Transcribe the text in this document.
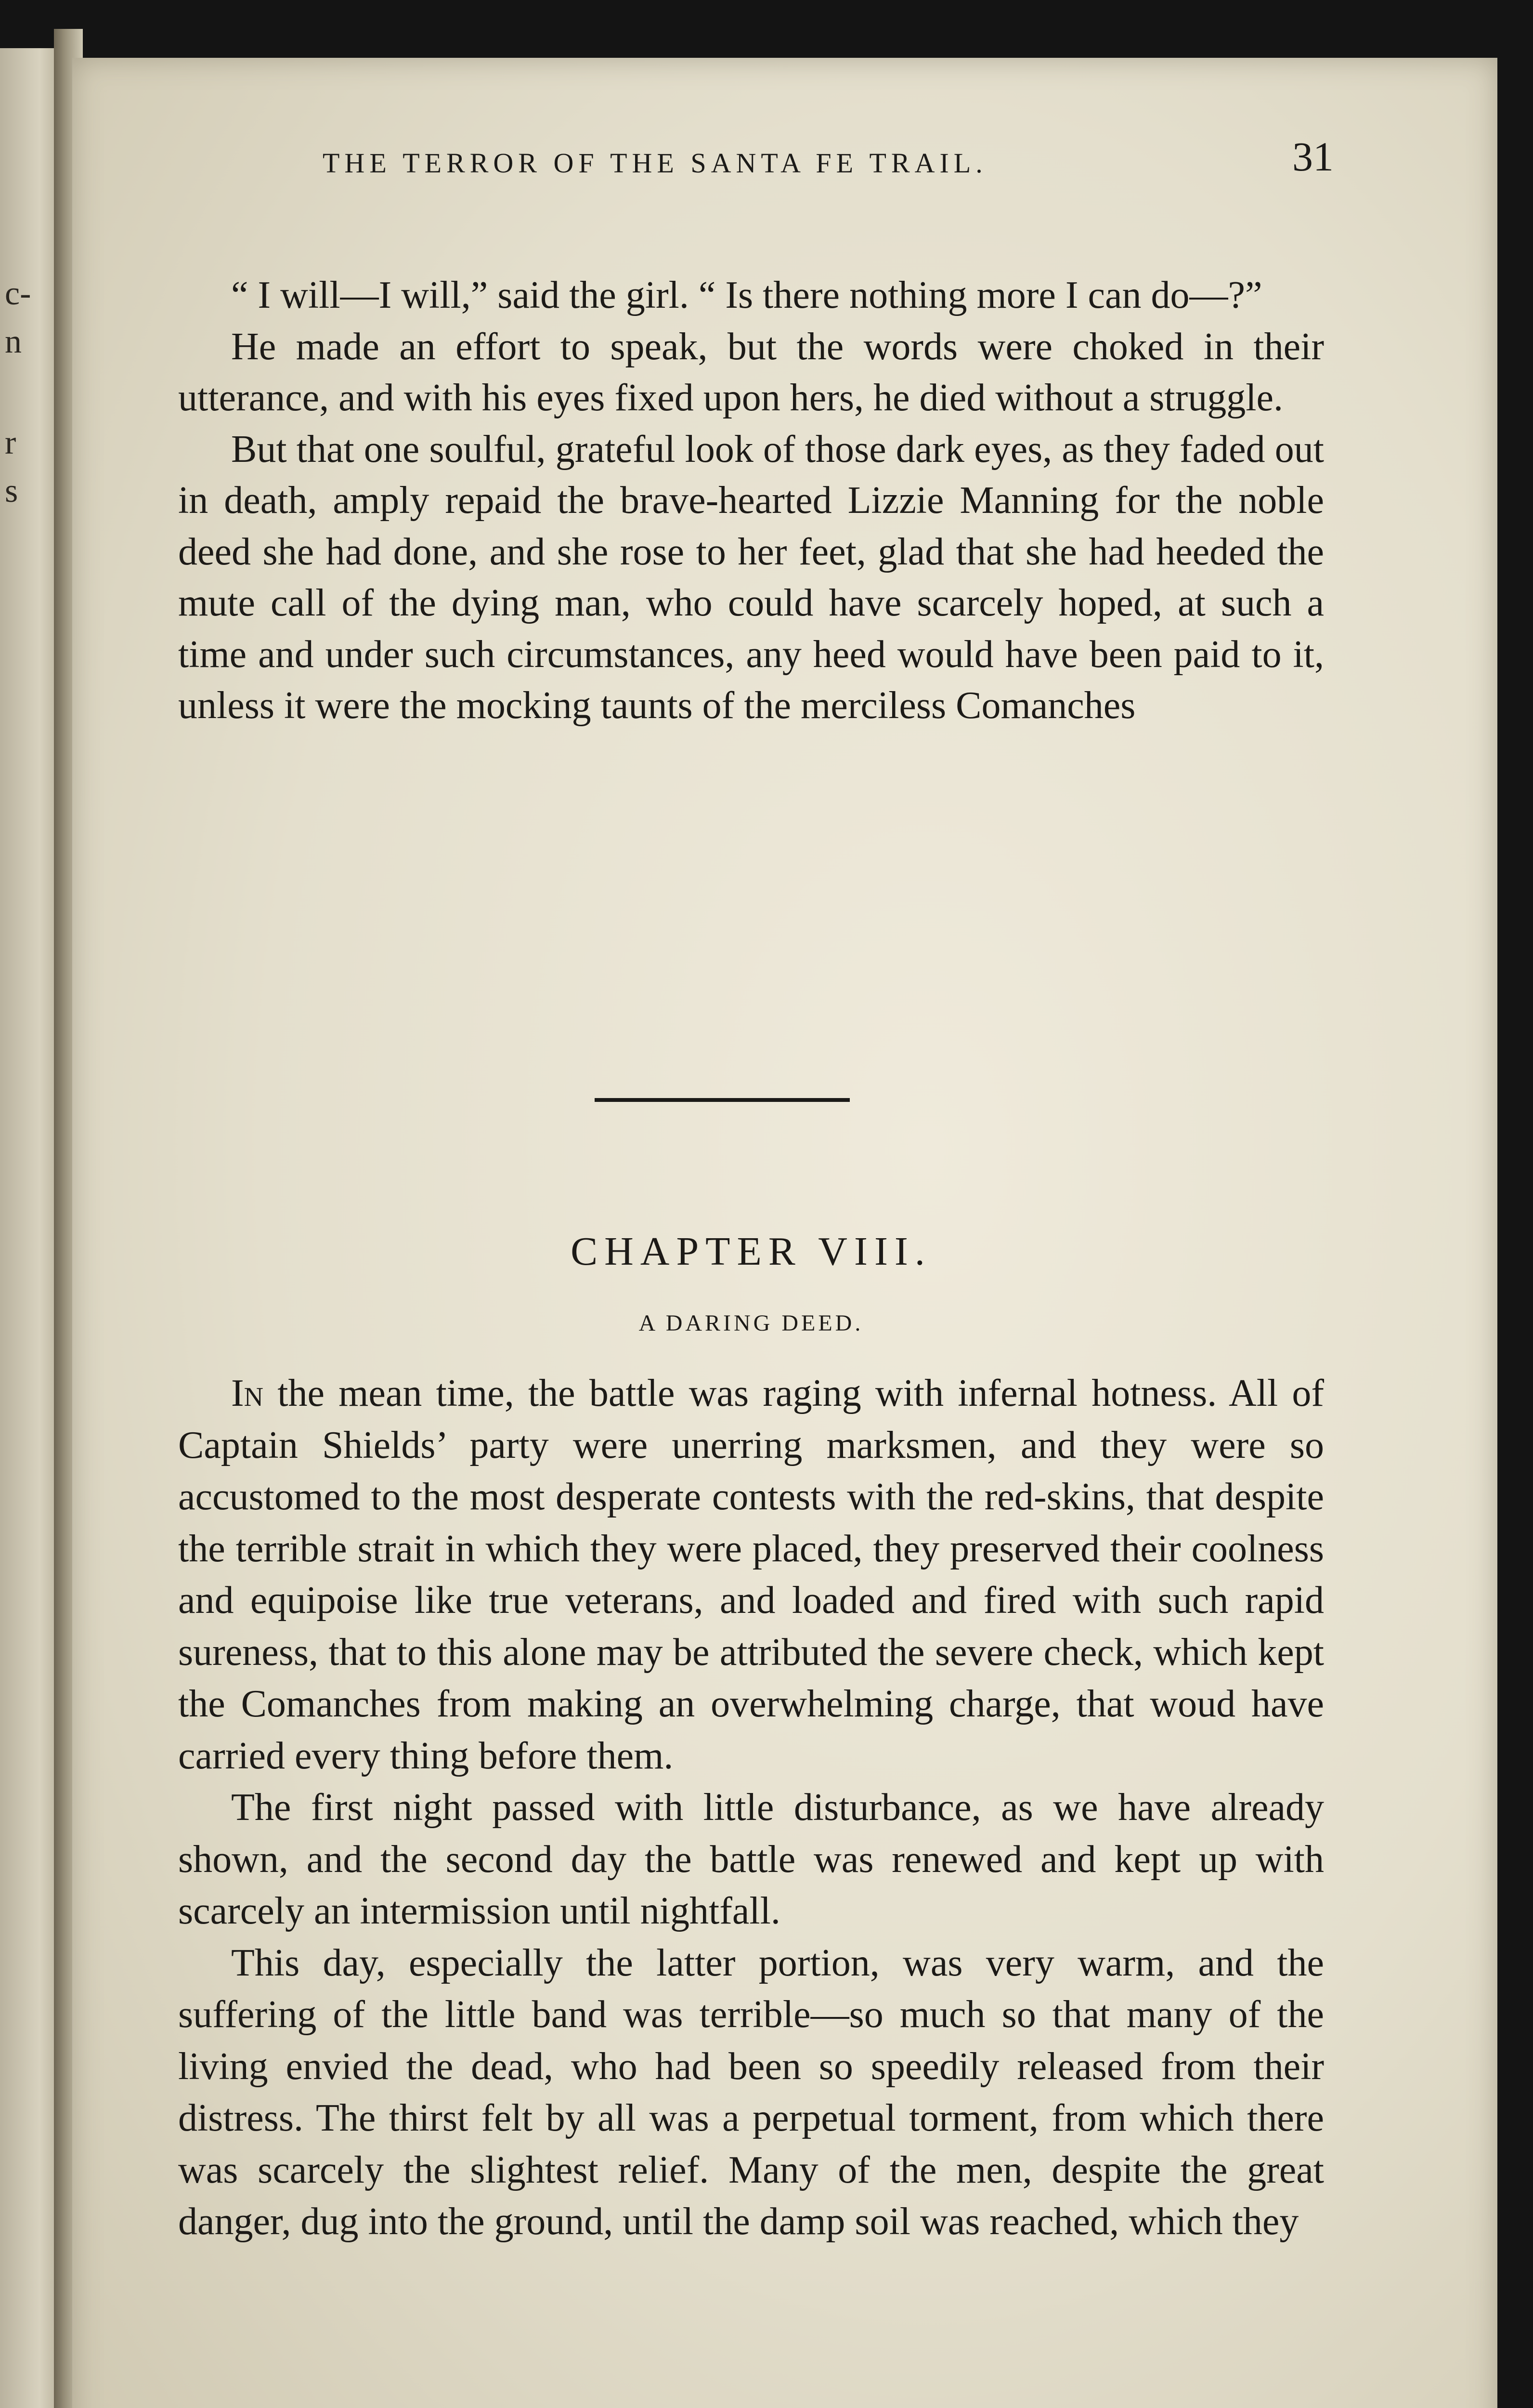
c-
n
r
s
THE TERROR OF THE SANTA FE TRAIL.	31

“ I will—I will,” said the girl. “ Is there nothing more I can do—?”

He made an effort to speak, but the words were choked in their utterance, and with his eyes fixed upon hers, he died without a struggle.

But that one soulful, grateful look of those dark eyes, as they faded out in death, amply repaid the brave-hearted Lizzie Manning for the noble deed she had done, and she rose to her feet, glad that she had heeded the mute call of the dying man, who could have scarcely hoped, at such a time and under such circumstances, any heed would have been paid to it, unless it were the mocking taunts of the merciless Comanches

CHAPTER VIII.
A DARING DEED.

In the mean time, the battle was raging with infernal hotness. All of Captain Shields’ party were unerring marksmen, and they were so accustomed to the most desperate contests with the red-skins, that despite the terrible strait in which they were placed, they preserved their coolness and equipoise like true veterans, and loaded and fired with such rapid sureness, that to this alone may be attributed the severe check, which kept the Comanches from making an overwhelming charge, that woud have carried every thing before them.

The first night passed with little disturbance, as we have already shown, and the second day the battle was renewed and kept up with scarcely an intermission until nightfall.

This day, especially the latter portion, was very warm, and the suffering of the little band was terrible—so much so that many of the living envied the dead, who had been so speedily released from their distress. The thirst felt by all was a perpetual torment, from which there was scarcely the slightest relief. Many of the men, despite the great danger, dug into the ground, until the damp soil was reached, which they
